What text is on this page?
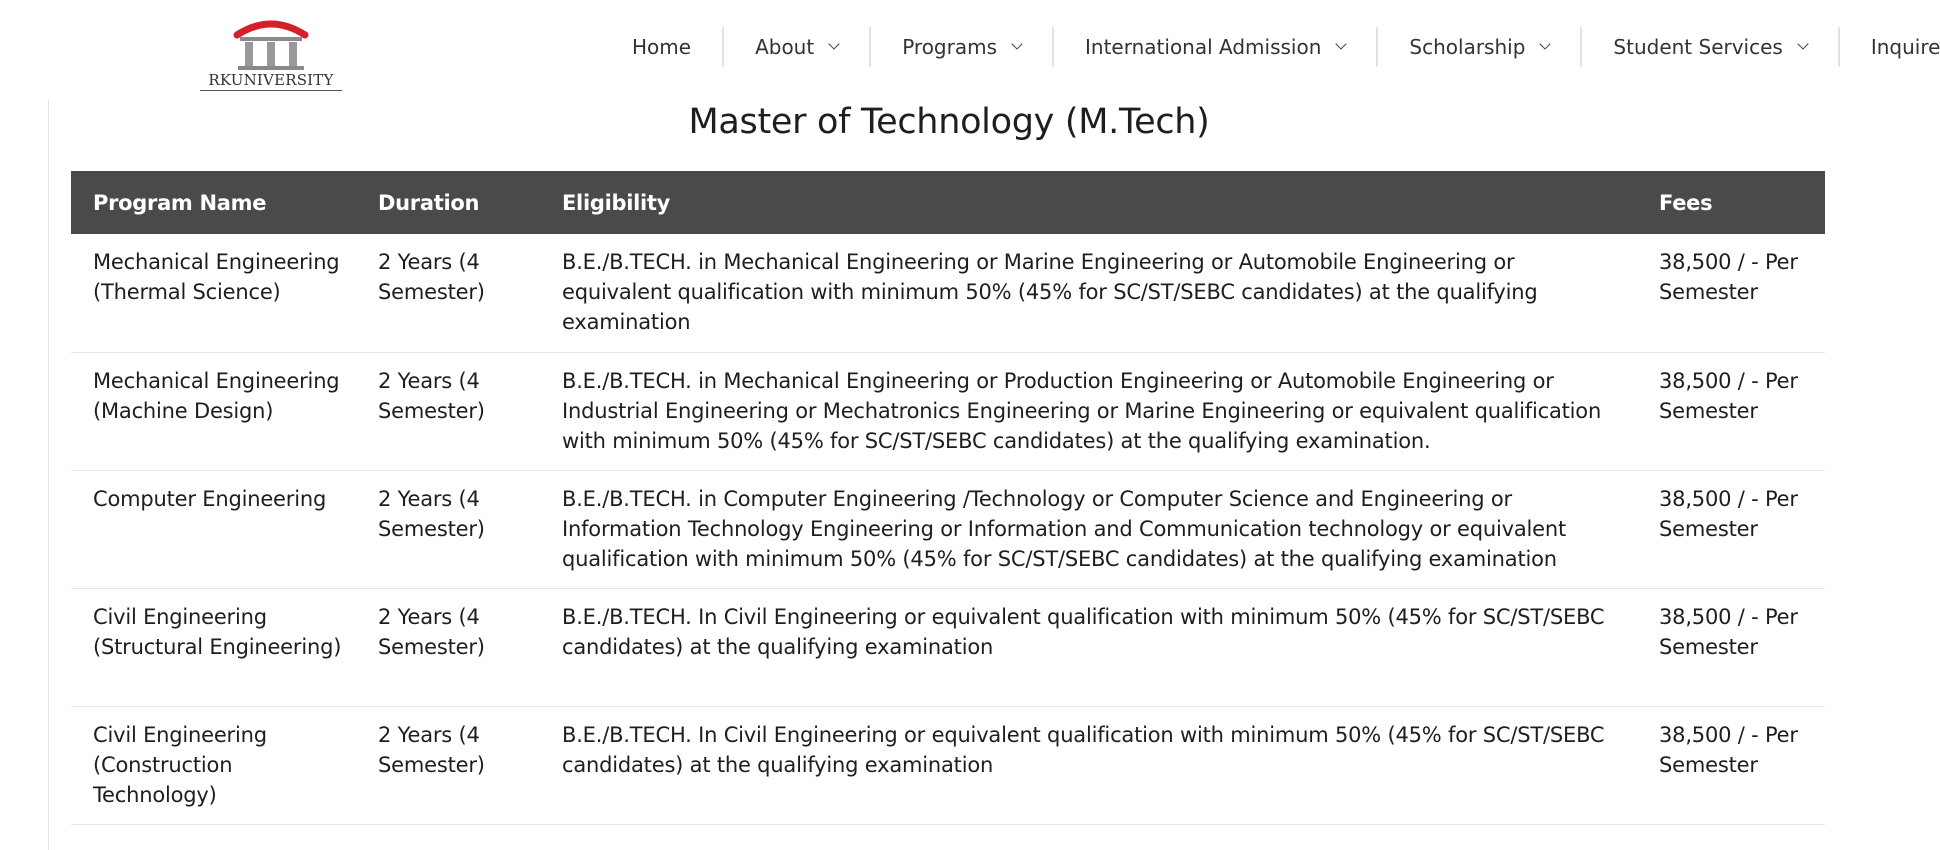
RKUNIVERSITY
Home	About	Programs	International Admission	Scholarship	Student Services	Inquire
Master of Technology (M.Tech)
Program Name	Duration	Eligibility	Fees
Mechanical Engineering (Thermal Science)	2 Years (4 Semester)	B.E./B.TECH. in Mechanical Engineering or Marine Engineering or Automobile Engineering or equivalent qualification with minimum 50% (45% for SC/ST/SEBC candidates) at the qualifying examination	38,500 / - Per Semester
Mechanical Engineering (Machine Design)	2 Years (4 Semester)	B.E./B.TECH. in Mechanical Engineering or Production Engineering or Automobile Engineering or Industrial Engineering or Mechatronics Engineering or Marine Engineering or equivalent qualification with minimum 50% (45% for SC/ST/SEBC candidates) at the qualifying examination.	38,500 / - Per Semester
Computer Engineering	2 Years (4 Semester)	B.E./B.TECH. in Computer Engineering /Technology or Computer Science and Engineering or Information Technology Engineering or Information and Communication technology or equivalent qualification with minimum 50% (45% for SC/ST/SEBC candidates) at the qualifying examination	38,500 / - Per Semester
Civil Engineering (Structural Engineering)	2 Years (4 Semester)	B.E./B.TECH. In Civil Engineering or equivalent qualification with minimum 50% (45% for SC/ST/SEBC candidates) at the qualifying examination	38,500 / - Per Semester
Civil Engineering (Construction Technology)	2 Years (4 Semester)	B.E./B.TECH. In Civil Engineering or equivalent qualification with minimum 50% (45% for SC/ST/SEBC candidates) at the qualifying examination	38,500 / - Per Semester
